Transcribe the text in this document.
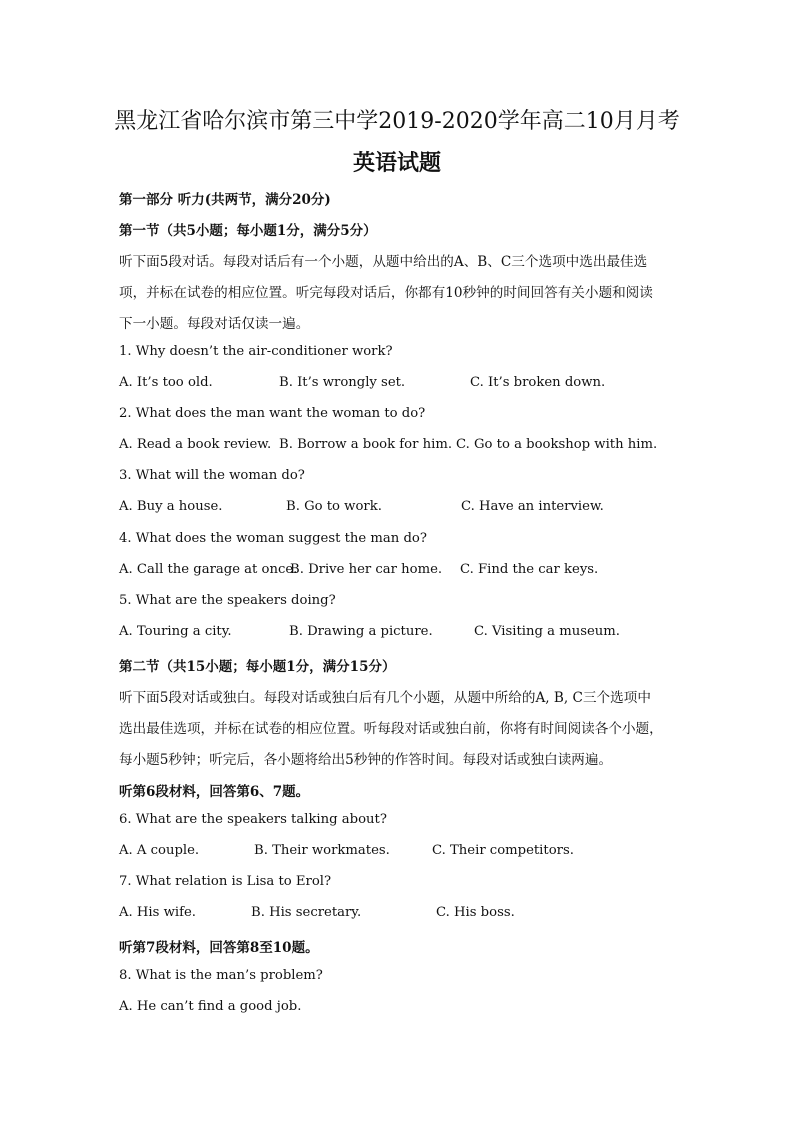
黑龙江省哈尔滨市第三中学2019-2020学年高二10月月考
英语试题
第一部分 听力(共两节，满分20分)
第一节（共5小题；每小题1分，满分5分）
听下面5段对话。每段对话后有一个小题，从题中给出的A、B、C三个选项中选出最佳选
项，并标在试卷的相应位置。听完每段对话后，你都有10秒钟的时间回答有关小题和阅读
下一小题。每段对话仅读一遍。
1. Why doesn’t the air-conditioner work?
A. It’s too old.	B. It’s wrongly set.	C. It’s broken down.
2. What does the man want the woman to do?
A. Read a book review. B. Borrow a book for him. C. Go to a bookshop with him.
3. What will the woman do?
A. Buy a house.	B. Go to work.	C. Have an interview.
4. What does the woman suggest the man do?
A. Call the garage at once.
B. Drive her car home. C. Find the car keys.
5. What are the speakers doing?
A. Touring a city.	B. Drawing a picture.	C. Visiting a museum.
第二节（共15小题；每小题1分，满分15分）
听下面5段对话或独白。每段对话或独白后有几个小题，从题中所给的A, B, C三个选项中
选出最佳选项，并标在试卷的相应位置。听每段对话或独白前，你将有时间阅读各个小题，
每小题5秒钟；听完后，各小题将给出5秒钟的作答时间。每段对话或独白读两遍。
听第6段材料，回答第6、7题。
6. What are the speakers talking about?
A. A couple.	B. Their workmates.	C. Their competitors.
7. What relation is Lisa to Erol?
A. His wife.	B. His secretary.	C. His boss.
听第7段材料，回答第8至10题。
8. What is the man’s problem?
A. He can’t find a good job.
